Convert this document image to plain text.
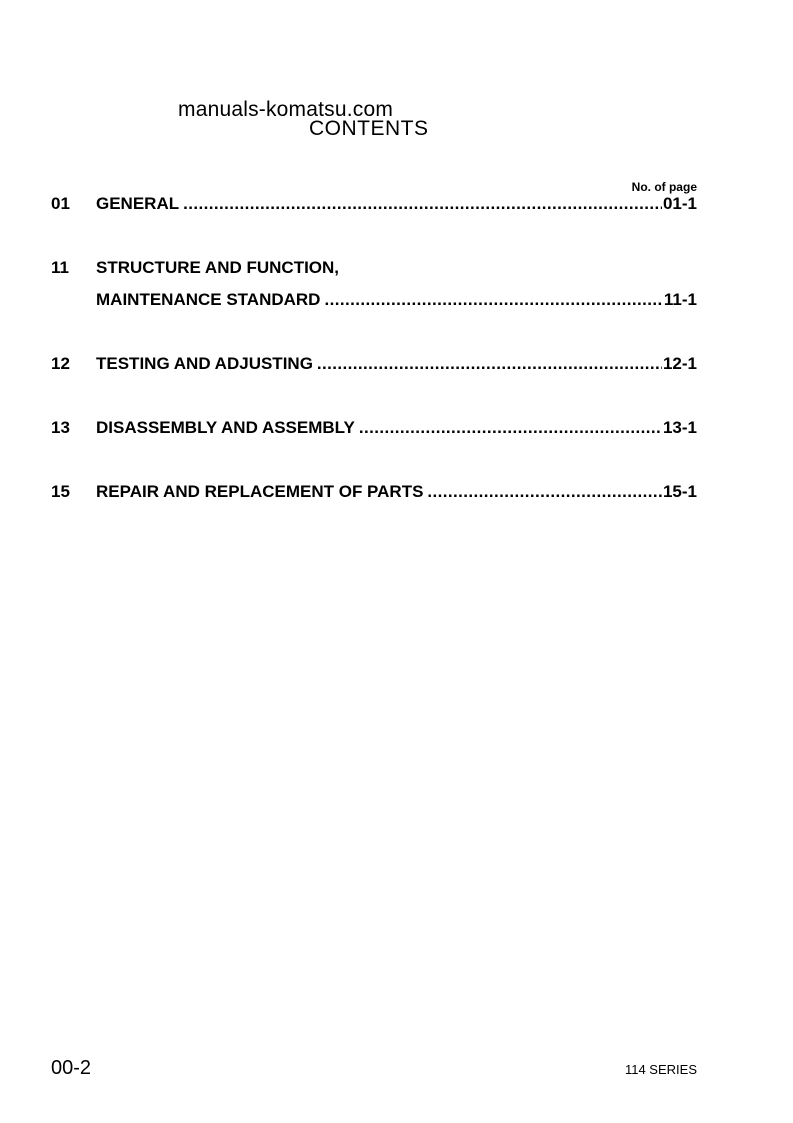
manuals-komatsu.com
CONTENTS
No. of page
01 GENERAL .....	01-1
11 STRUCTURE AND FUNCTION,
MAINTENANCE STANDARD .....	11-1
12 TESTING AND ADJUSTING .....	12-1
13 DISASSEMBLY AND ASSEMBLY .....	13-1
15 REPAIR AND REPLACEMENT OF PARTS .....	15-1
00-2	114 SERIES
